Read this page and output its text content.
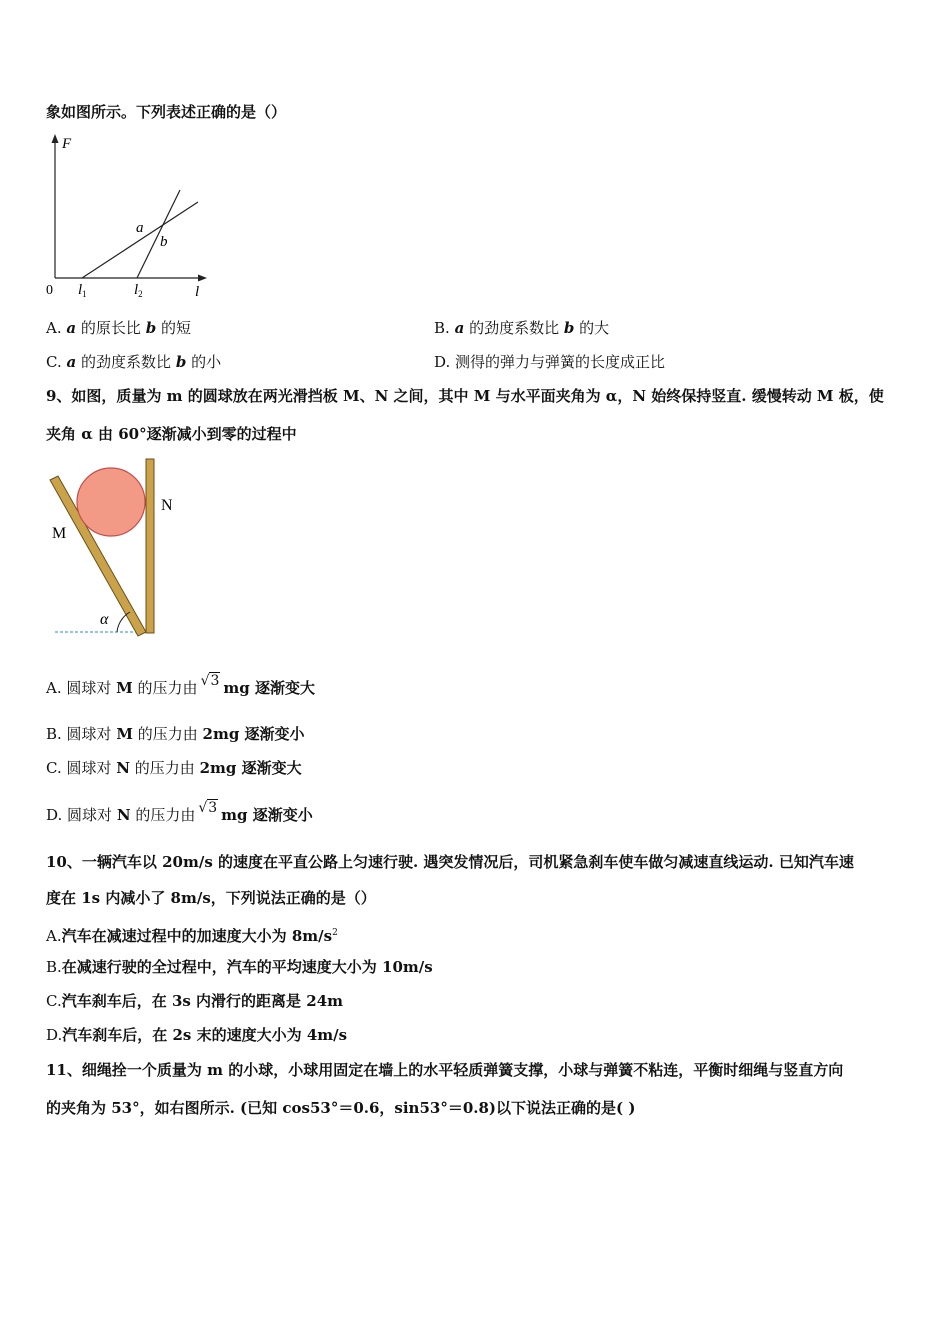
象如图所示。下列表述正确的是（）
F
l
0
a
b
$l_1$	$l_2$
A. a 的原长比 b 的短	B. a 的劲度系数比 b 的大
C. a 的劲度系数比 b 的小	D. 测得的弹力与弹簧的长度成正比
9、如图，质量为 m 的圆球放在两光滑挡板 M、N 之间，其中 M 与水平面夹角为 α，N 始终保持竖直. 缓慢转动 M 板，使
夹角 α 由 60°逐渐减小到零的过程中
M
N
α
A. 圆球对 M 的压力由 √3 mg 逐渐变大
B. 圆球对 M 的压力由 2mg 逐渐变小
C. 圆球对 N 的压力由 2mg 逐渐变大
D. 圆球对 N 的压力由 √3 mg 逐渐变小
10、一辆汽车以 20m/s 的速度在平直公路上匀速行驶. 遇突发情况后，司机紧急刹车使车做匀减速直线运动. 已知汽车速
度在 1s 内减小了 8m/s，下列说法正确的是（）
A.汽车在减速过程中的加速度大小为 $8m/s^2$
B.在减速行驶的全过程中，汽车的平均速度大小为 10m/s
C.汽车刹车后，在 3s 内滑行的距离是 24m
D.汽车刹车后，在 2s 末的速度大小为 4m/s
11、细绳拴一个质量为 m 的小球，小球用固定在墙上的水平轻质弹簧支撑，小球与弹簧不粘连，平衡时细绳与竖直方向
的夹角为 53°，如右图所示. (已知 cos53°＝0.6，sin53°＝0.8)以下说法正确的是( )
